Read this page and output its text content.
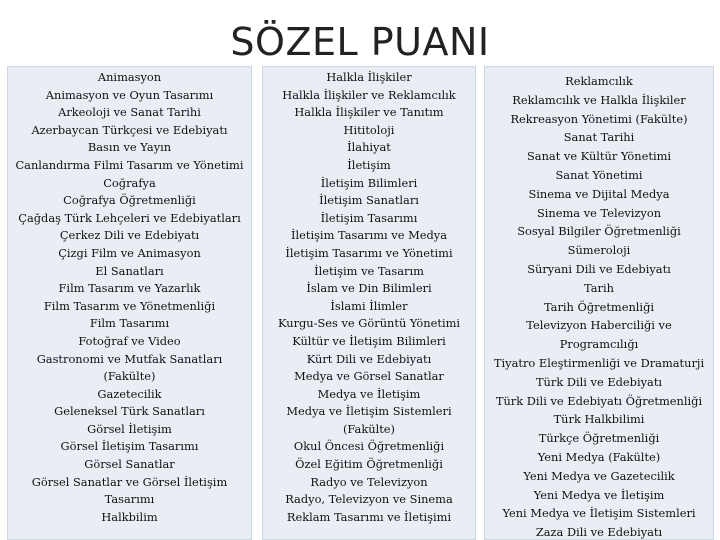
SÖZEL PUANI
Animasyon
Animasyon ve Oyun Tasarımı
Arkeoloji ve Sanat Tarihi
Azerbaycan Türkçesi ve Edebiyatı
Basın ve Yayın
Canlandırma Filmi Tasarım ve Yönetimi
Coğrafya
Coğrafya Öğretmenliği
Çağdaş Türk Lehçeleri ve Edebiyatları
Çerkez Dili ve Edebiyatı
Çizgi Film ve Animasyon
El Sanatları
Film Tasarım ve Yazarlık
Film Tasarım ve Yönetmenliği
Film Tasarımı
Fotoğraf ve Video
Gastronomi ve Mutfak Sanatları (Fakülte)
Gazetecilik
Geleneksel Türk Sanatları
Görsel İletişim
Görsel İletişim Tasarımı
Görsel Sanatlar
Görsel Sanatlar ve Görsel İletişim Tasarımı
Halkbilim
Halkla İlişkiler
Halkla İlişkiler ve Reklamcılık
Halkla İlişkiler ve Tanıtım
Hititoloji
İlahiyat
İletişim
İletişim Bilimleri
İletişim Sanatları
İletişim Tasarımı
İletişim Tasarımı ve Medya
İletişim Tasarımı ve Yönetimi
İletişim ve Tasarım
İslam ve Din Bilimleri
İslami İlimler
Kurgu-Ses ve Görüntü Yönetimi
Kültür ve İletişim Bilimleri
Kürt Dili ve Edebiyatı
Medya ve Görsel Sanatlar
Medya ve İletişim
Medya ve İletişim Sistemleri (Fakülte)
Okul Öncesi Öğretmenliği
Özel Eğitim Öğretmenliği
Radyo ve Televizyon
Radyo, Televizyon ve Sinema
Reklam Tasarımı ve İletişimi
Reklamcılık
Reklamcılık ve Halkla İlişkiler
Rekreasyon Yönetimi (Fakülte)
Sanat Tarihi
Sanat ve Kültür Yönetimi
Sanat Yönetimi
Sinema ve Dijital Medya
Sinema ve Televizyon
Sosyal Bilgiler Öğretmenliği
Sümeroloji
Süryani Dili ve Edebiyatı
Tarih
Tarih Öğretmenliği
Televizyon Haberciliği ve Programcılığı
Tiyatro Eleştirmenliği ve Dramaturji
Türk Dili ve Edebiyatı
Türk Dili ve Edebiyatı Öğretmenliği
Türk Halkbilimi
Türkçe Öğretmenliği
Yeni Medya (Fakülte)
Yeni Medya ve Gazetecilik
Yeni Medya ve İletişim
Yeni Medya ve İletişim Sistemleri
Zaza Dili ve Edebiyatı
